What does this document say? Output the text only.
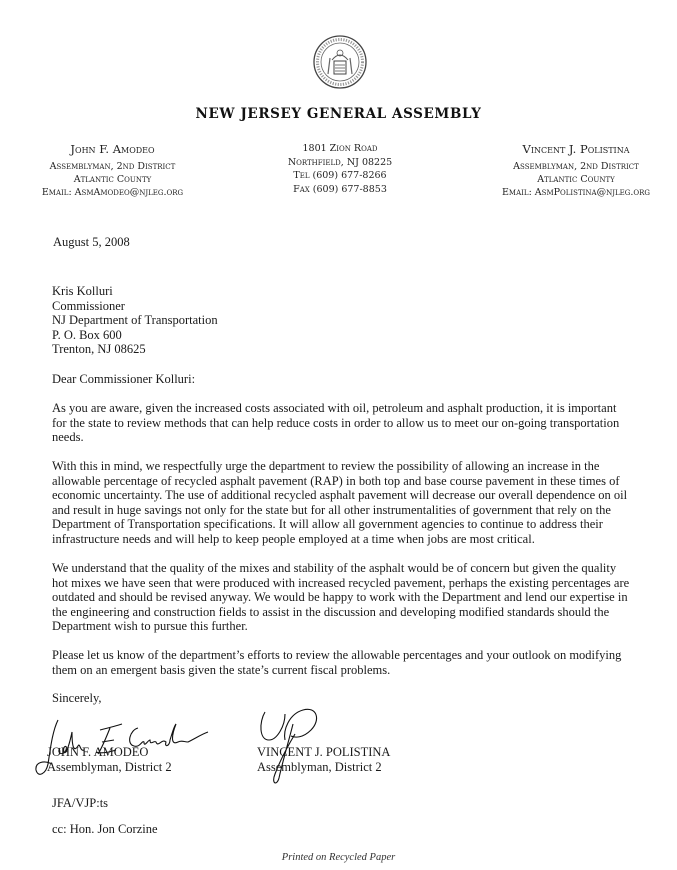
NEW JERSEY GENERAL ASSEMBLY
John F. Amodeo
Assemblyman, 2nd District
Atlantic County
Email: AsmAmodeo@njleg.org
1801 Zion Road
Northfield, NJ 08225
Tel (609) 677-8266
Fax (609) 677-8853
Vincent J. Polistina
Assemblyman, 2nd District
Atlantic County
Email: AsmPolistina@njleg.org
August 5, 2008
Kris Kolluri
Commissioner
NJ Department of Transportation
P. O. Box 600
Trenton, NJ 08625
Dear Commissioner Kolluri:
As you are aware, given the increased costs associated with oil, petroleum and asphalt production, it is important for the state to review methods that can help reduce costs in order to allow us to meet our on-going transportation needs.
With this in mind, we respectfully urge the department to review the possibility of allowing an increase in the allowable percentage of recycled asphalt pavement (RAP) in both top and base course pavement in these times of economic uncertainty. The use of additional recycled asphalt pavement will decrease our overall dependence on oil and result in huge savings not only for the state but for all other instrumentalities of government that rely on the Department of Transportation specifications. It will allow all government agencies to continue to address their infrastructure needs and will help to keep people employed at a time when jobs are most critical.
We understand that the quality of the mixes and stability of the asphalt would be of concern but given the quality hot mixes we have seen that were produced with increased recycled pavement, perhaps the existing percentages are outdated and should be revised anyway. We would be happy to work with the Department and lend our expertise in the engineering and construction fields to assist in the discussion and developing modified standards should the Department wish to pursue this further.
Please let us know of the department’s efforts to review the allowable percentages and your outlook on modifying them on an emergent basis given the state’s current fiscal problems.
Sincerely,
JOHN F. AMODEO
Assemblyman, District 2
VINCENT J. POLISTINA
Assemblyman, District 2
JFA/VJP:ts
cc: Hon. Jon Corzine
Printed on Recycled Paper
